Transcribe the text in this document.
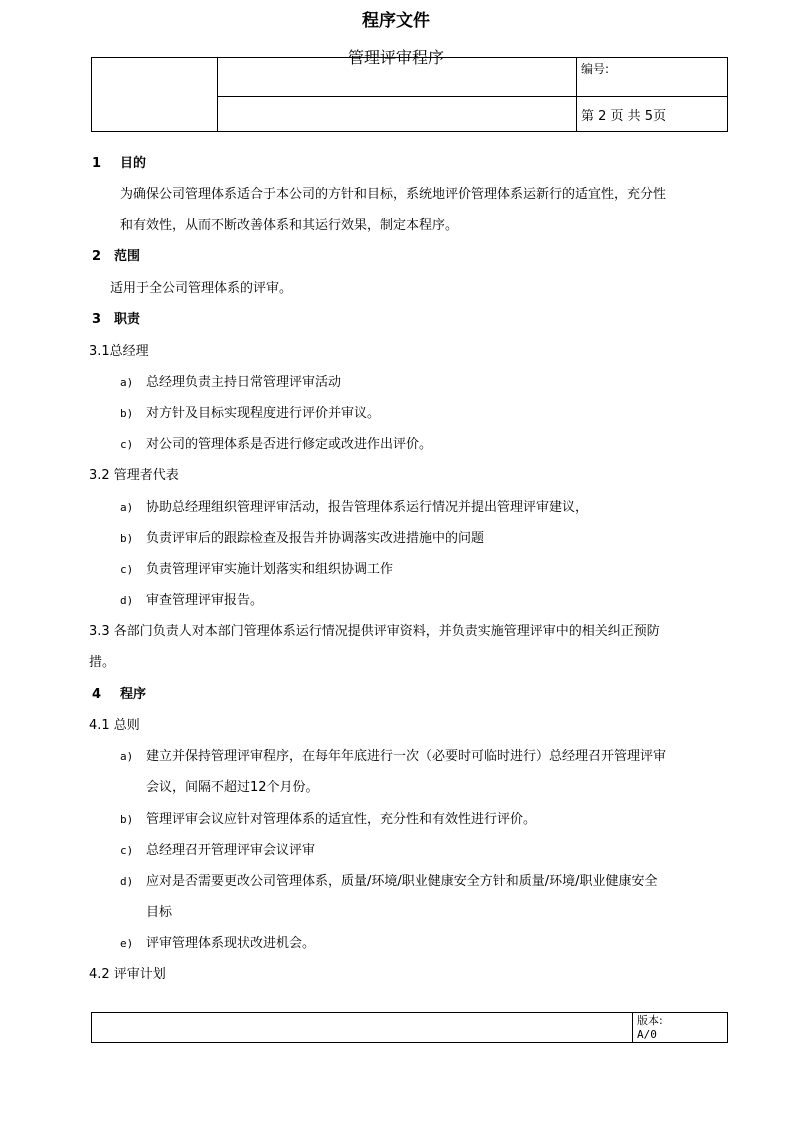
程序文件
管理评审程序
编号:
第 2 页 共 5页
1 目的
为确保公司管理体系适合于本公司的方针和目标，系统地评价管理体系运新行的适宜性，充分性
和有效性，从而不断改善体系和其运行效果，制定本程序。
2 范围
适用于全公司管理体系的评审。
3 职责
3.1总经理
a) 总经理负责主持日常管理评审活动
b) 对方针及目标实现程度进行评价并审议。
c) 对公司的管理体系是否进行修定或改进作出评价。
3.2 管理者代表
a) 协助总经理组织管理评审活动，报告管理体系运行情况并提出管理评审建议，
b) 负责评审后的跟踪检查及报告并协调落实改进措施中的问题
c) 负责管理评审实施计划落实和组织协调工作
d) 审查管理评审报告。
3.3 各部门负责人对本部门管理体系运行情况提供评审资料，并负责实施管理评审中的相关纠正预防
措。
4 程序
4.1 总则
a) 建立并保持管理评审程序，在每年年底进行一次（必要时可临时进行）总经理召开管理评审
会议，间隔不超过12个月份。
b) 管理评审会议应针对管理体系的适宜性，充分性和有效性进行评价。
c) 总经理召开管理评审会议评审
d) 应对是否需要更改公司管理体系，质量/环境/职业健康安全方针和质量/环境/职业健康安全
目标
e) 评审管理体系现状改进机会。
4.2 评审计划
版本:
A/0
